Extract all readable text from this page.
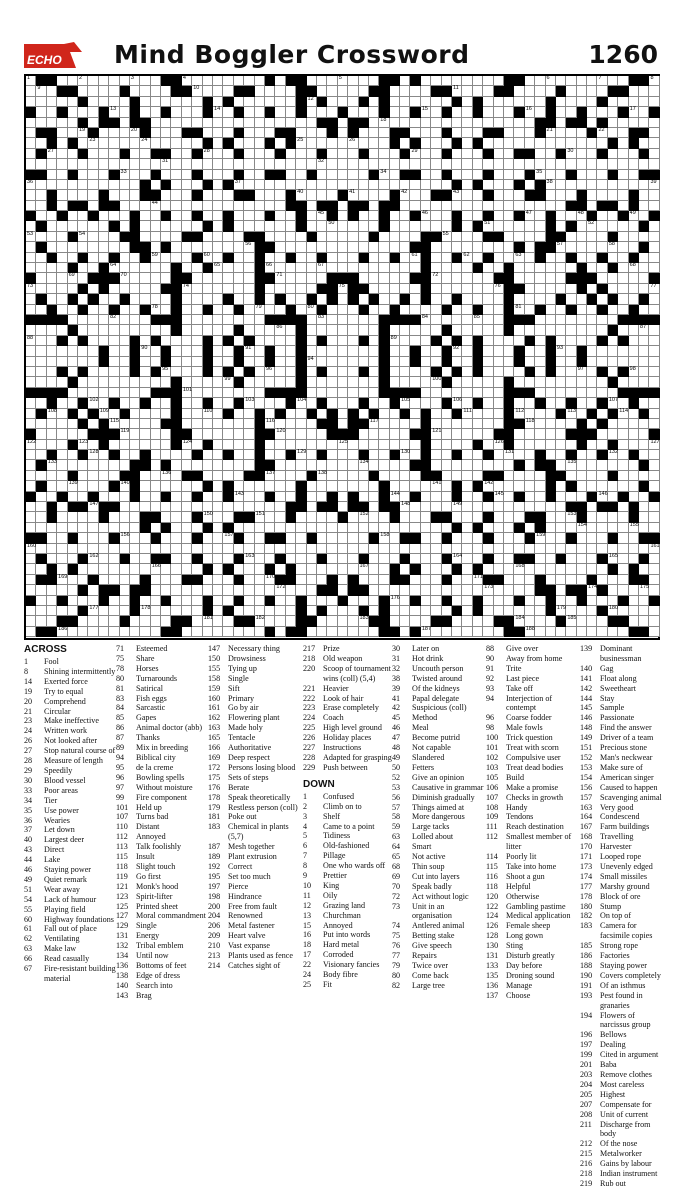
ECHO Mind Boggler Crossword	1260
1	2	3	4	5	6	7	8
9	10	11
12
13	14	15	16	17
18
19	20	21	22
23	24	25	26
27	28	29	30
31	32
33	34	35
36	37	38	39
40	41	42	43
44
45	46	47	48	49
50	51	52
53	54	55
56	57	58
59	60	61	62	63
64	65	66	67	68
69	70	71	72
73	74	75	76	77
78	79	80	81
82	83	84	85
86	87
88	89
90	91	92	93
94
95	96	97	98
99	100
101
102	103	104	105	106	107
108	109	110	111	112	113	114
115	116	117	118
119	120	121
122	123	124	125	126	127
128	129	130	131	132
133	134	135
136	137	138
139	140	141	142
143	144	145	146
147	148	149
150	151	152	153
154	155
156	157	158	159
160	161
162	163	164	165
166	167	168
169	170	171
172	173	174	175
176
177	178	179	180
181	182	183	184	185
186	187	188
ACROSS
1	Fool
8	Shining intermittently
14	Exerted force
19	Try to equal
20	Comprehend
21	Circular
23	Make ineffective
24	Written work
26	Not looked after
27	Stop natural course of
28	Measure of length
29	Speedily
30	Blood vessel
33	Poor areas
34	Tier
35	Use power
36	Wearies
37	Let down
40	Largest deer
43	Direct
44	Lake
46	Staying power
49	Quiet remark
51	Wear away
54	Lack of humour
55	Playing field
60	Highway foundations
61	Fall out of place
62	Ventilating
63	Make law
66	Read casually
67	Fire-resistant building material
71	Esteemed
75	Share
78	Horses
80	Turnarounds
81	Satirical
83	Fish eggs
84	Sarcastic
85	Gapes
86	Animal doctor (abb)
87	Thanks
89	Mix in breeding
94	Biblical city
95	de la creme
96	Bowling spells
97	Without moisture
99	Fire component
101 Held up
107 Turns bad
110	Distant
112	Annoyed
113	Talk foolishly
115	Insult
118	Slight touch
119	Go first
121 Monk's hood
123 Spirit-lifter
125 Printed sheet
127 Moral commandment
129 Single
131 Energy
132 Tribal emblem
134 Until now
136 Bottoms of feet
138 Edge of dress
140 Search into
143 Brag
147 Necessary thing
150 Drowsiness
155 Tying up
158 Single
159 Sift
160 Primary
161 Go by air
162 Flowering plant
163 Made holy
165 Tentacle
166 Authoritative
169 Deep respect
172 Persons losing blood
175 Sets of steps
176 Berate
178 Speak theoretically
179 Restless person (coll)
181 Poke out
183 Chemical in plants (5,7)
187 Mesh together
189 Plant extrusion
192 Correct
195 Set too much
197 Pierce
198 Hindrance
200 Free from fault
204 Renowned
206 Metal fastener
209 Heart valve
210 Vast expanse
213 Plants used as fence
214 Catches sight of
217 Prize
218 Old weapon
220 Scoop of tournament wins (coll) (5,4)
221 Heavier
222 Look of hair
223 Erase completely
224 Coach
225 High level ground
226 Holiday places
227 Instructions
228 Adapted for grasping
229 Push between
DOWN
1	Confused
2	Climb on to
3	Shelf
4	Came to a point
5	Tidiness
6	Old-fashioned
7	Pillage
8	One who wards off
9	Prettier
10	King
11	Oily
12	Grazing land
13	Churchman
15	Annoyed
16	Put into words
18	Hard metal
17	Corroded
22	Visionary fancies
24	Body fibre
25	Fit
30	Later on
31	Hot drink
32	Uncouth person
38	Twisted around
39	Of the kidneys
41	Papal delegate
42	Suspicious (coll)
45	Method
46	Meal
47	Become putrid
48	Not capable
49	Slandered
50	Fetters
52	Give an opinion
53	Causative in grammar
56	Diminish gradually
57	Things aimed at
58	More dangerous
59	Large tacks
63	Lolled about
64	Smart
65	Not active
68	Thin soup
69	Cut into layers
70	Speak badly
72	Act without logic
73	Unit in an organisation
74	Antlered animal
75	Betting stake
76	Give speech
77	Repairs
79	Twice over
80	Come back
82	Large tree
88	Give over
90	Away from home
91	Trite
92	Last piece
93	Take off
94	Interjection of contempt
96	Coarse fodder
98	Male fowls
100 Trick question
101 Treat with scorn
102 Compulsive user
103 Treat dead bodies
105 Build
106 Make a promise
107 Checks in growth
108 Handy
109 Tendons
111	Reach destination
112	Smallest member of litter
114	Poorly lit
115	Take into home
116	Shoot a gun
118	Helpful
120 Otherwise
122 Gambling pastime
124 Medical application
126 Female sheep
128 Long gown
130 Sting
131 Disturb greatly
133 Day before
135 Droning sound
136 Manage
137 Choose
139 Dominant businessman
140 Gag
141 Float along
142 Sweetheart
144 Stay
145 Sample
146 Passionate
148 Find the answer
149 Driver of a team
151 Precious stone
152 Man's neckwear
153 Make sure of
154 American singer
156 Caused to happen
157 Scavenging animal
163 Very good
164 Condescend
167 Farm buildings
168 Travelling
170 Harvester
171 Looped rope
173 Unevenly edged
174 Small missiles
177 Marshy ground
178 Block of ore
180 Stump
182 On top of
183 Camera for facsimile copies
185 Strong rope
186 Factories
188 Staying power
190 Covers completely
191 Of an isthmus
193 Pest found in granaries
194 Flowers of narcissus group
196 Bellows
197 Dealing
199 Cited in argument
201 Baba
203 Remove clothes
204 Most careless
205 Highest
207 Compensate for
208 Unit of current
211	Discharge from body
212 Of the nose
215 Metalworker
216 Gains by labour
218 Indian instrument
219 Rub out
